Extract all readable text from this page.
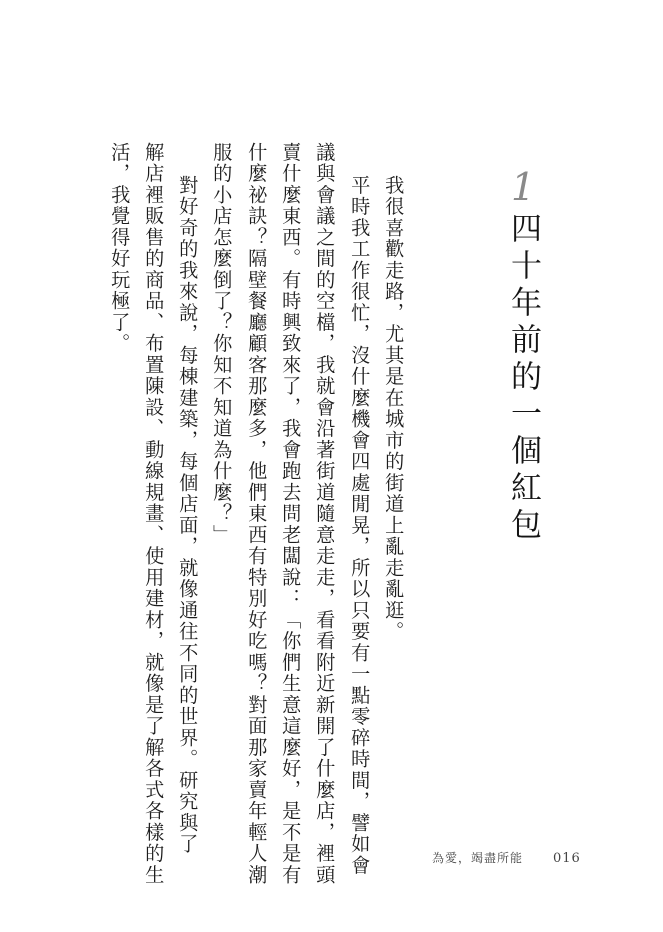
1
四十年前的一個紅包
我很喜歡走路，尤其是在城市的街道上亂走亂逛。
平時我工作很忙，沒什麼機會四處閒晃，所以只要有一點零碎時間，譬如會
議與會議之間的空檔，我就會沿著街道隨意走走，看看附近新開了什麼店，裡頭
賣什麼東西。有時興致來了，我會跑去問老闆說：「你們生意這麼好，是不是有
什麼祕訣？隔壁餐廳顧客那麼多，他們東西有特別好吃嗎？對面那家賣年輕人潮
服的小店怎麼倒了？你知不知道為什麼？」
對好奇的我來說，每棟建築，每個店面，就像通往不同的世界。研究與了
解店裡販售的商品、布置陳設、動線規畫、使用建材，就像是了解各式各樣的生
活，我覺得好玩極了。
為愛，竭盡所能 016
